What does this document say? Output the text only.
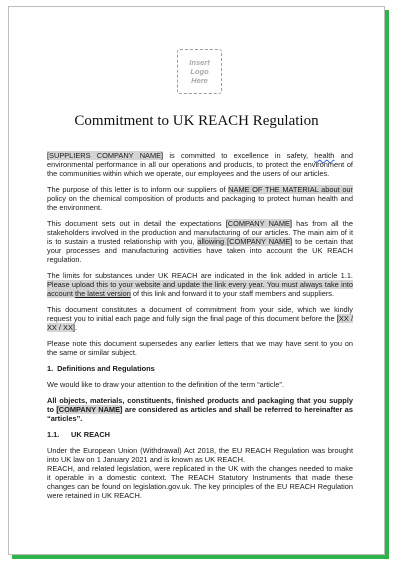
Insert
Logo
Here
Commitment to UK REACH Regulation

[SUPPLIERS COMPANY NAME] is committed to excellence in safety, health and environmental performance in all our operations and products, to protect the environment of the communities within which we operate, our employees and the users of our articles.

The purpose of this letter is to inform our suppliers of NAME OF THE MATERIAL about our policy on the chemical composition of products and packaging to protect human health and the environment.

This document sets out in detail the expectations [COMPANY NAME] has from all the stakeholders involved in the production and manufacturing of our articles. The main aim of it is to sustain a trusted relationship with you, allowing [COMPANY NAME] to be certain that your processes and manufacturing activities have taken into account the UK REACH regulation.

The limits for substances under UK REACH are indicated in the link added in article 1.1. Please upload this to your website and update the link every year. You must always take into account the latest version of this link and forward it to your staff members and suppliers.

This document constitutes a document of commitment from your side, which we kindly request you to initial each page and fully sign the final page of this document before the [XX / XX / XX].

Please note this document supersedes any earlier letters that we may have sent to you on the same or similar subject.

1. Definitions and Regulations

We would like to draw your attention to the definition of the term “article”.

All objects, materials, constituents, finished products and packaging that you supply to [COMPANY NAME] are considered as articles and shall be referred to hereinafter as “articles”.

1.1. UK REACH

Under the European Union (Withdrawal) Act 2018, the EU REACH Regulation was brought into UK law on 1 January 2021 and is known as UK REACH.

REACH, and related legislation, were replicated in the UK with the changes needed to make it operable in a domestic context. The REACH Statutory Instruments that made these changes can be found on legislation.gov.uk. The key principles of the EU REACH Regulation were retained in UK REACH.
